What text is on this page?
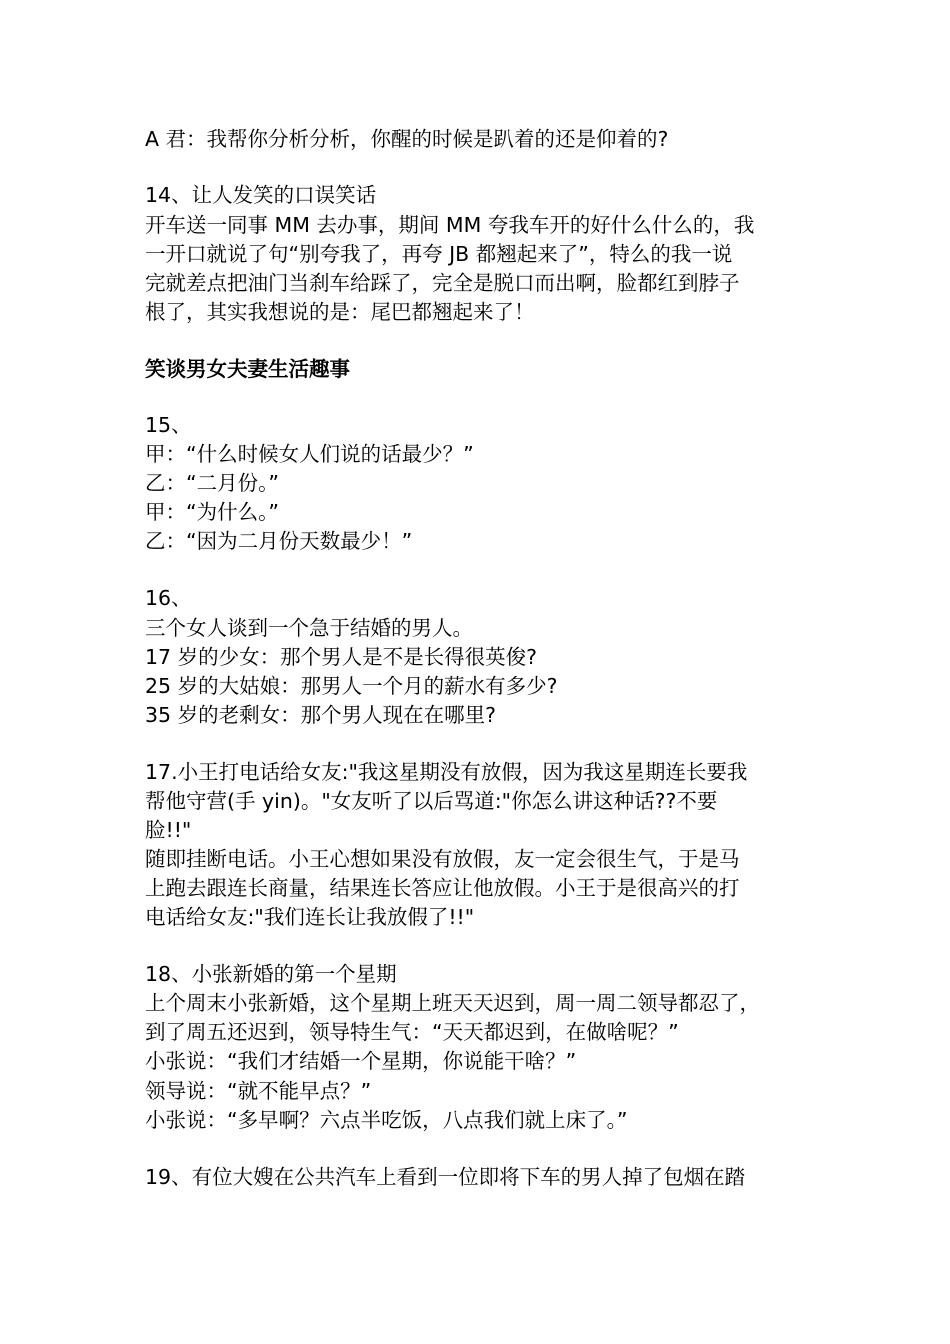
A 君：我帮你分析分析，你醒的时候是趴着的还是仰着的?
14、让人发笑的口误笑话
开车送一同事 MM 去办事，期间 MM 夸我车开的好什么什么的，我
一开口就说了句“别夸我了，再夸 JB 都翘起来了”，特么的我一说
完就差点把油门当刹车给踩了，完全是脱口而出啊，脸都红到脖子
根了，其实我想说的是：尾巴都翘起来了！
笑谈男女夫妻生活趣事
15、
甲：“什么时候女人们说的话最少？”
乙：“二月份。”
甲：“为什么。”
乙：“因为二月份天数最少！”
16、
三个女人谈到一个急于结婚的男人。
17 岁的少女：那个男人是不是长得很英俊?
25 岁的大姑娘：那男人一个月的薪水有多少?
35 岁的老剩女：那个男人现在在哪里?
17.小王打电话给女友:"我这星期没有放假，因为我这星期连长要我
帮他守营(手 yin)。"女友听了以后骂道:"你怎么讲这种话??不要
脸!!"
随即挂断电话。小王心想如果没有放假，友一定会很生气，于是马
上跑去跟连长商量，结果连长答应让他放假。小王于是很高兴的打
电话给女友:"我们连长让我放假了!!"
18、小张新婚的第一个星期
上个周末小张新婚，这个星期上班天天迟到，周一周二领导都忍了，
到了周五还迟到，领导特生气：“天天都迟到，在做啥呢？”
小张说：“我们才结婚一个星期，你说能干啥？”
领导说：“就不能早点？”
小张说：“多早啊？六点半吃饭，八点我们就上床了。”
19、有位大嫂在公共汽车上看到一位即将下车的男人掉了包烟在踏
